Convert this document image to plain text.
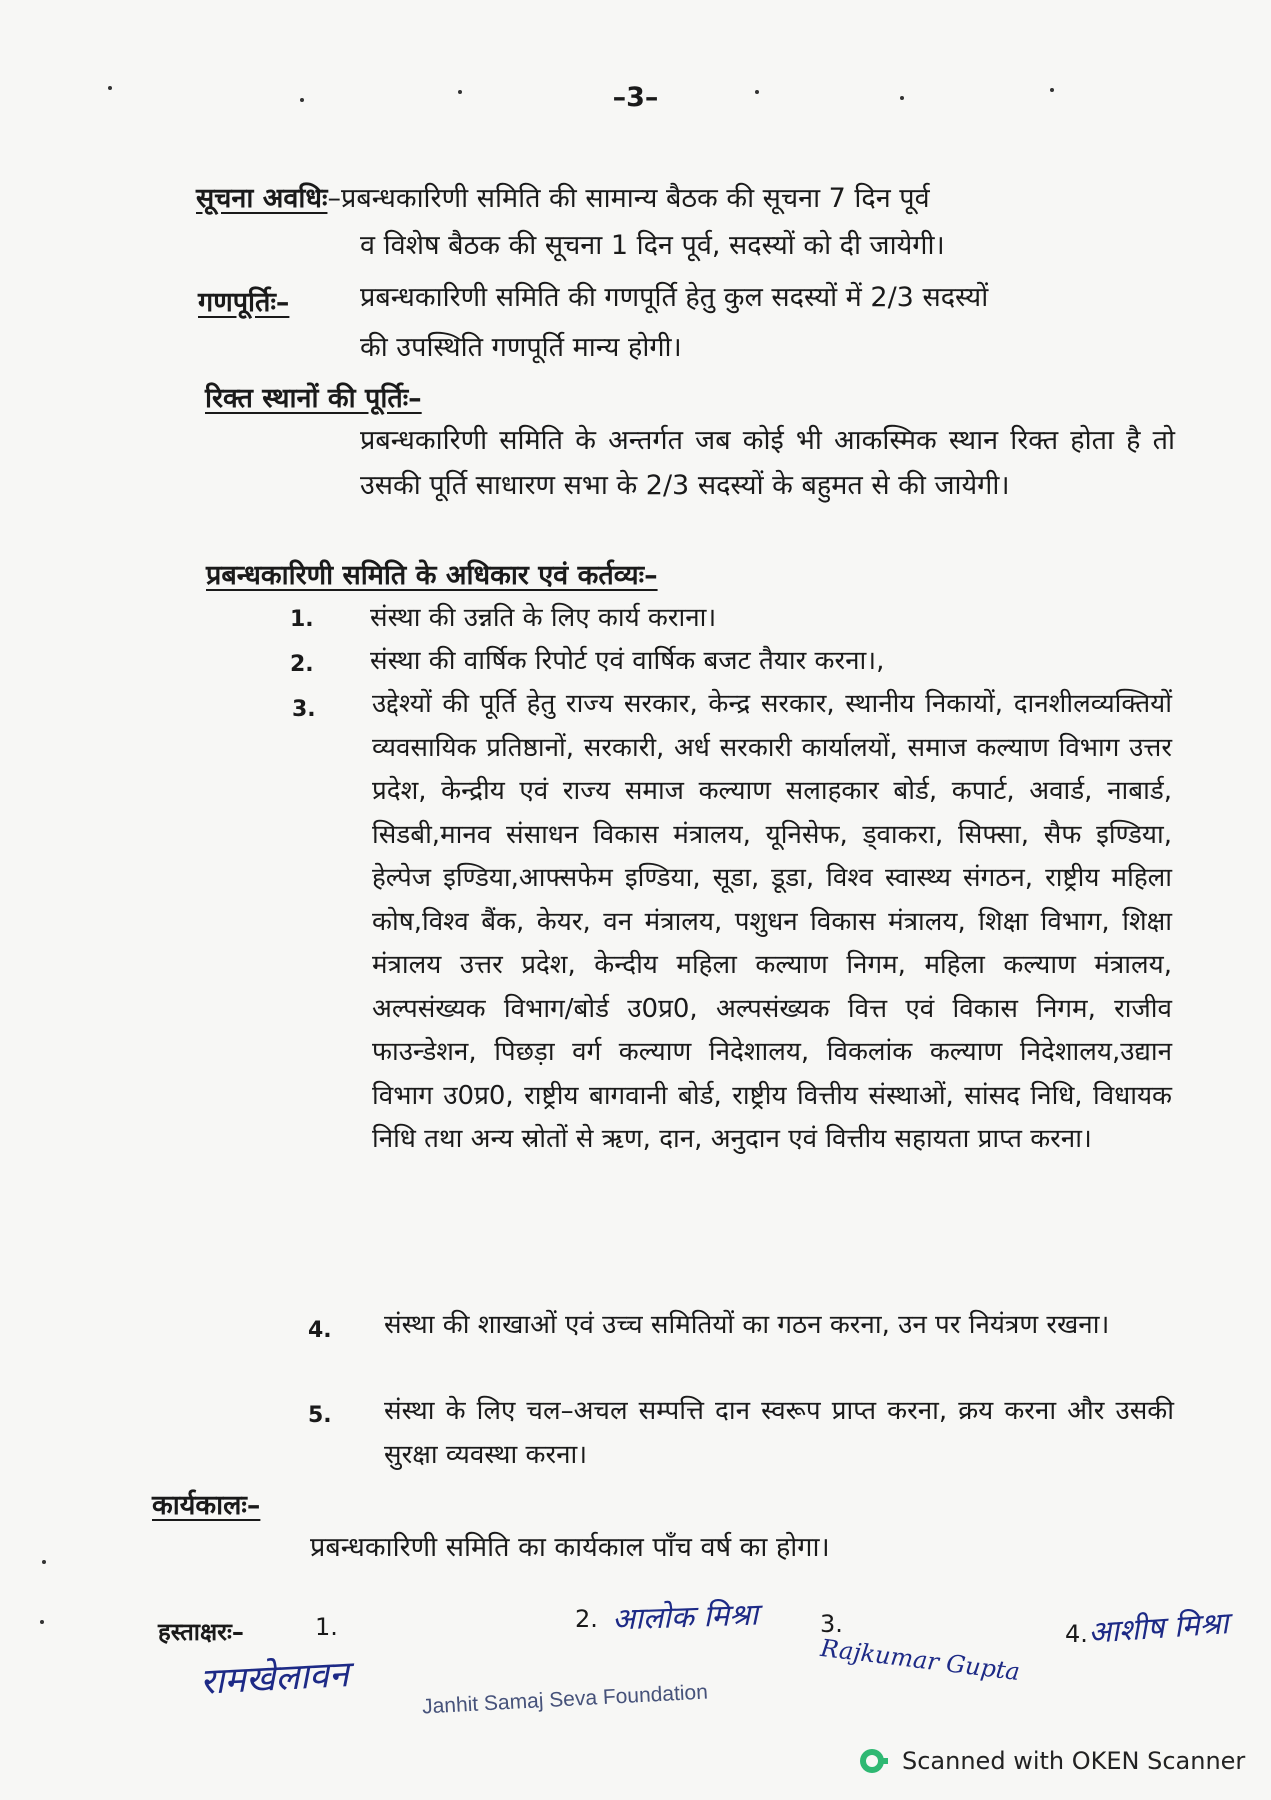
–3–
सूचना अवधिः–प्रबन्धकारिणी समिति की सामान्य बैठक की सूचना 7 दिन पूर्व
व विशेष बैठक की सूचना 1 दिन पूर्व, सदस्यों को दी जायेगी।
गणपूर्तिः–	प्रबन्धकारिणी समिति की गणपूर्ति हेतु कुल सदस्यों में 2/3 सदस्यों
की उपस्थिति गणपूर्ति मान्य होगी।
रिक्त स्थानों की पूर्तिः–
प्रबन्धकारिणी समिति के अन्तर्गत जब कोई भी आकस्मिक स्थान रिक्त होता है तो उसकी पूर्ति साधारण सभा के 2/3 सदस्यों के बहुमत से की जायेगी।
प्रबन्धकारिणी समिति के अधिकार एवं कर्तव्यः–
1. संस्था की उन्नति के लिए कार्य कराना।
2. संस्था की वार्षिक रिपोर्ट एवं वार्षिक बजट तैयार करना।,
3. उद्देश्यों की पूर्ति हेतु राज्य सरकार, केन्द्र सरकार, स्थानीय निकायों, दानशीलव्यक्तियों व्यवसायिक प्रतिष्ठानों, सरकारी, अर्ध सरकारी कार्यालयों, समाज कल्याण विभाग उत्तर प्रदेश, केन्द्रीय एवं राज्य समाज कल्याण सलाहकार बोर्ड, कपार्ट, अवार्ड, नाबार्ड, सिडबी,मानव संसाधन विकास मंत्रालय, यूनिसेफ, ड्वाकरा, सिफ्सा, सैफ इण्डिया, हेल्पेज इण्डिया,आफ्सफेम इण्डिया, सूडा, डूडा, विश्व स्वास्थ्य संगठन, राष्ट्रीय महिला कोष,विश्व बैंक, केयर, वन मंत्रालय, पशुधन विकास मंत्रालय, शिक्षा विभाग, शिक्षा मंत्रालय उत्तर प्रदेश, केन्दीय महिला कल्याण निगम, महिला कल्याण मंत्रालय, अल्पसंख्यक विभाग/बोर्ड उ0प्र0, अल्पसंख्यक वित्त एवं विकास निगम, राजीव फाउन्डेशन, पिछड़ा वर्ग कल्याण निदेशालय, विकलांक कल्याण निदेशालय,उद्यान विभाग उ0प्र0, राष्ट्रीय बागवानी बोर्ड, राष्ट्रीय वित्तीय संस्थाओं, सांसद निधि, विधायक निधि तथा अन्य स्रोतों से ऋण, दान, अनुदान एवं वित्तीय सहायता प्राप्त करना।
4. संस्था की शाखाओं एवं उच्च समितियों का गठन करना, उन पर नियंत्रण रखना।
5. संस्था के लिए चल–अचल सम्पत्ति दान स्वरूप प्राप्त करना, क्रय करना और उसकी सुरक्षा व्यवस्था करना।
कार्यकालः–
प्रबन्धकारिणी समिति का कार्यकाल पाँच वर्ष का होगा।
हस्ताक्षरः–	1.	2.	3.	4.
रामखेलावन
आलोक मिश्रा
Rajkumar Gupta
आशीष मिश्रा
Janhit Samaj Seva Foundation
Scanned with OKEN Scanner
